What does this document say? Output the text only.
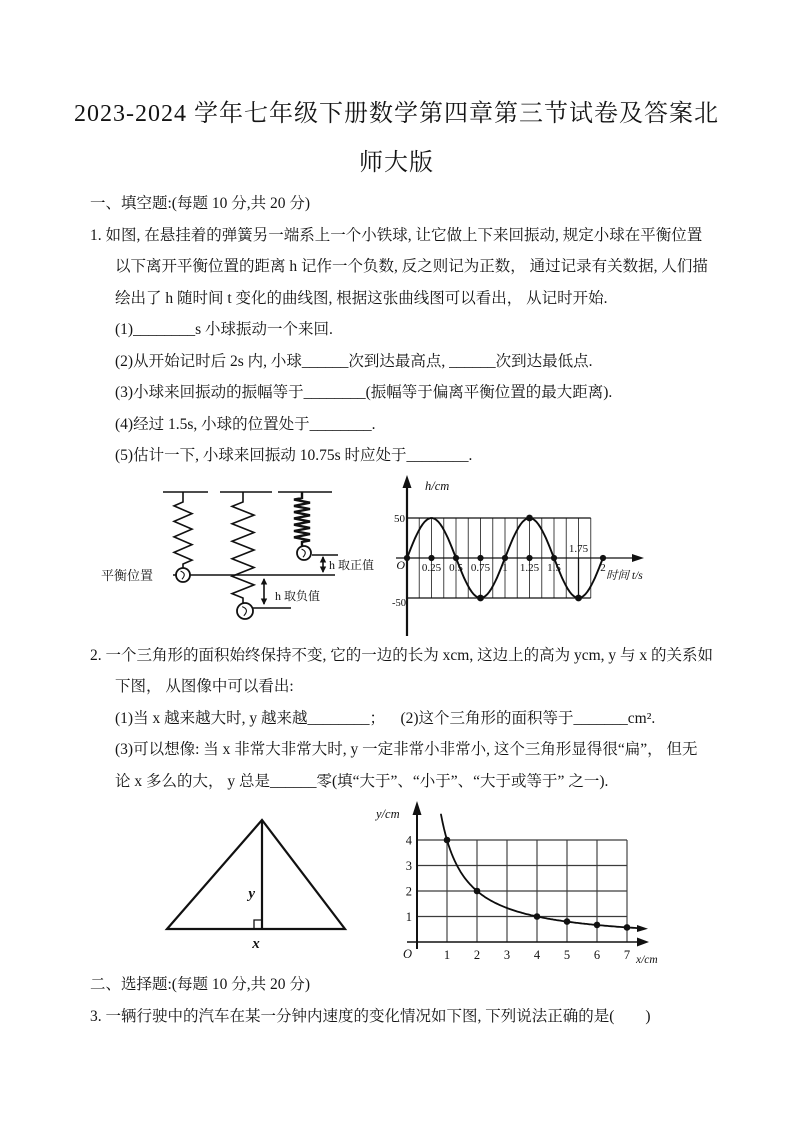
2023-2024 学年七年级下册数学第四章第三节试卷及答案北师大版
一、填空题:(每题 10 分,共 20 分)
1. 如图, 在悬挂着的弹簧另一端系上一个小铁球, 让它做上下来回振动, 规定小球在平衡位置
以下离开平衡位置的距离 h 记作一个负数, 反之则记为正数， 通过记录有关数据, 人们描
绘出了 h 随时间 t 变化的曲线图, 根据这张曲线图可以看出， 从记时开始.
(1)________s 小球振动一个来回.
(2)从开始记时后 2s 内, 小球______次到达最高点, ______次到达最低点.
(3)小球来回振动的振幅等于________(振幅等于偏离平衡位置的最大距离).
(4)经过 1.5s, 小球的位置处于________.
(5)估计一下, 小球来回振动 10.75s 时应处于________.
平衡位置
h 取正值
h 取负值
50
O
-50
0.25 0.5 0.75 1 1.25 1.5
1.75
2
h/cm
时间 t/s
2. 一个三角形的面积始终保持不变, 它的一边的长为 xcm, 这边上的高为 ycm, y 与 x 的关系如
下图， 从图像中可以看出:
(1)当 x 越来越大时, y 越来越________；    (2)这个三角形的面积等于_______cm².
(3)可以想像: 当 x 非常大非常大时, y 一定非常小非常小, 这个三角形显得很“扁”， 但无
论 x 多么的大， y 总是______零(填“大于”、“小于”、“大于或等于” 之一).
y
x
1
2
3
4
1 2 3 4 5 6 7
O
y/cm
x/cm
二、选择题:(每题 10 分,共 20 分)
3. 一辆行驶中的汽车在某一分钟内速度的变化情况如下图, 下列说法正确的是(　　)
